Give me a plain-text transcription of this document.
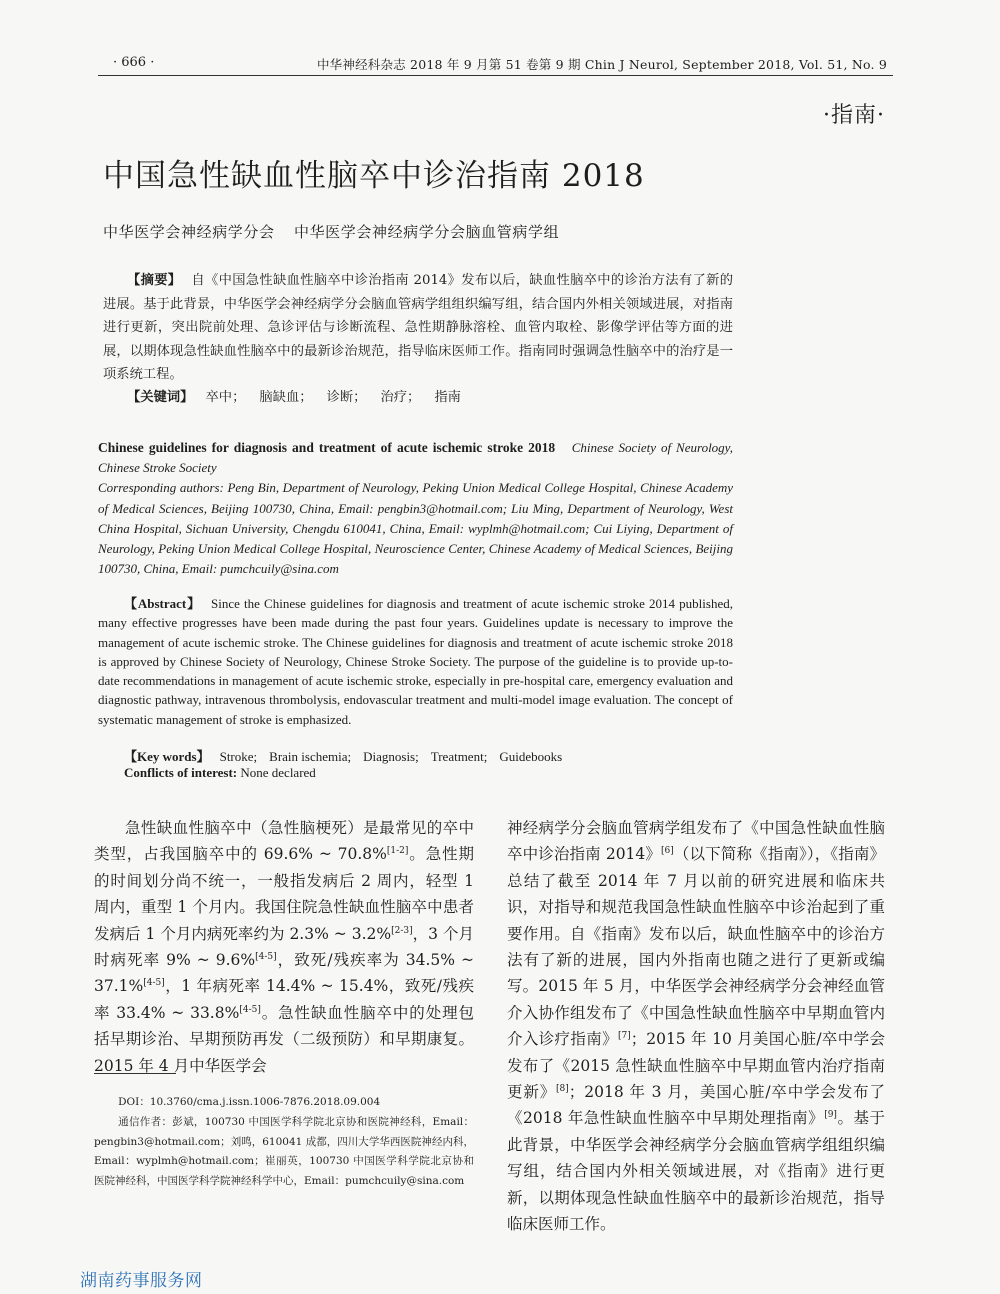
· 666 ·	中华神经科杂志 2018 年 9 月第 51 卷第 9 期 Chin J Neurol, September 2018, Vol. 51, No. 9
·指南·
中国急性缺血性脑卒中诊治指南 2018
中华医学会神经病学分会 中华医学会神经病学分会脑血管病学组
【摘要】 自《中国急性缺血性脑卒中诊治指南 2014》发布以后，缺血性脑卒中的诊治方法有了新的进展。基于此背景，中华医学会神经病学分会脑血管病学组组织编写组，结合国内外相关领域进展，对指南进行更新，突出院前处理、急诊评估与诊断流程、急性期静脉溶栓、血管内取栓、影像学评估等方面的进展，以期体现急性缺血性脑卒中的最新诊治规范，指导临床医师工作。指南同时强调急性脑卒中的治疗是一项系统工程。
【关键词】 卒中； 脑缺血； 诊断； 治疗； 指南
Chinese guidelines for diagnosis and treatment of acute ischemic stroke 2018 Chinese Society of Neurology, Chinese Stroke Society
Corresponding authors: Peng Bin, Department of Neurology, Peking Union Medical College Hospital, Chinese Academy of Medical Sciences, Beijing 100730, China, Email: pengbin3@hotmail.com; Liu Ming, Department of Neurology, West China Hospital, Sichuan University, Chengdu 610041, China, Email: wyplmh@hotmail.com; Cui Liying, Department of Neurology, Peking Union Medical College Hospital, Neuroscience Center, Chinese Academy of Medical Sciences, Beijing 100730, China, Email: pumchcuily@sina.com
【Abstract】 Since the Chinese guidelines for diagnosis and treatment of acute ischemic stroke 2014 published, many effective progresses have been made during the past four years. Guidelines update is necessary to improve the management of acute ischemic stroke. The Chinese guidelines for diagnosis and treatment of acute ischemic stroke 2018 is approved by Chinese Society of Neurology, Chinese Stroke Society. The purpose of the guideline is to provide up-to-date recommendations in management of acute ischemic stroke, especially in pre-hospital care, emergency evaluation and diagnostic pathway, intravenous thrombolysis, endovascular treatment and multi-model image evaluation. The concept of systematic management of stroke is emphasized.
【Key words】 Stroke; Brain ischemia; Diagnosis; Treatment; Guidebooks
Conflicts of interest: None declared

急性缺血性脑卒中（急性脑梗死）是最常见的卒中类型，占我国脑卒中的 69.6% ~ 70.8%[1-2]。急性期的时间划分尚不统一，一般指发病后 2 周内，轻型 1 周内，重型 1 个月内。我国住院急性缺血性脑卒中患者发病后 1 个月内病死率约为 2.3% ~ 3.2%[2-3]，3 个月时病死率 9% ~ 9.6%[4-5]，致死/残疾率为 34.5% ~ 37.1%[4-5]，1 年病死率 14.4% ~ 15.4%，致死/残疾率 33.4% ~ 33.8%[4-5]。急性缺血性脑卒中的处理包括早期诊治、早期预防再发（二级预防）和早期康复。2015 年 4 月中华医学会

神经病学分会脑血管病学组发布了《中国急性缺血性脑卒中诊治指南 2014》[6]（以下简称《指南》），《指南》总结了截至 2014 年 7 月以前的研究进展和临床共识，对指导和规范我国急性缺血性脑卒中诊治起到了重要作用。自《指南》发布以后，缺血性脑卒中的诊治方法有了新的进展，国内外指南也随之进行了更新或编写。2015 年 5 月，中华医学会神经病学分会神经血管介入协作组发布了《中国急性缺血性脑卒中早期血管内介入诊疗指南》[7]；2015 年 10 月美国心脏/卒中学会发布了《2015 急性缺血性脑卒中早期血管内治疗指南更新》[8]；2018 年 3 月，美国心脏/卒中学会发布了《2018 年急性缺血性脑卒中早期处理指南》[9]。基于此背景，中华医学会神经病学分会脑血管病学组组织编写组，结合国内外相关领域进展，对《指南》进行更新，以期体现急性缺血性脑卒中的最新诊治规范，指导临床医师工作。

DOI：10.3760/cma.j.issn.1006-7876.2018.09.004

通信作者：彭斌，100730 中国医学科学院北京协和医院神经科，Email：pengbin3@hotmail.com；刘鸣，610041 成都，四川大学华西医院神经内科，Email：wyplmh@hotmail.com；崔丽英，100730 中国医学科学院北京协和医院神经科，中国医学科学院神经科学中心，Email：pumchcuily@sina.com

湖南药事服务网
